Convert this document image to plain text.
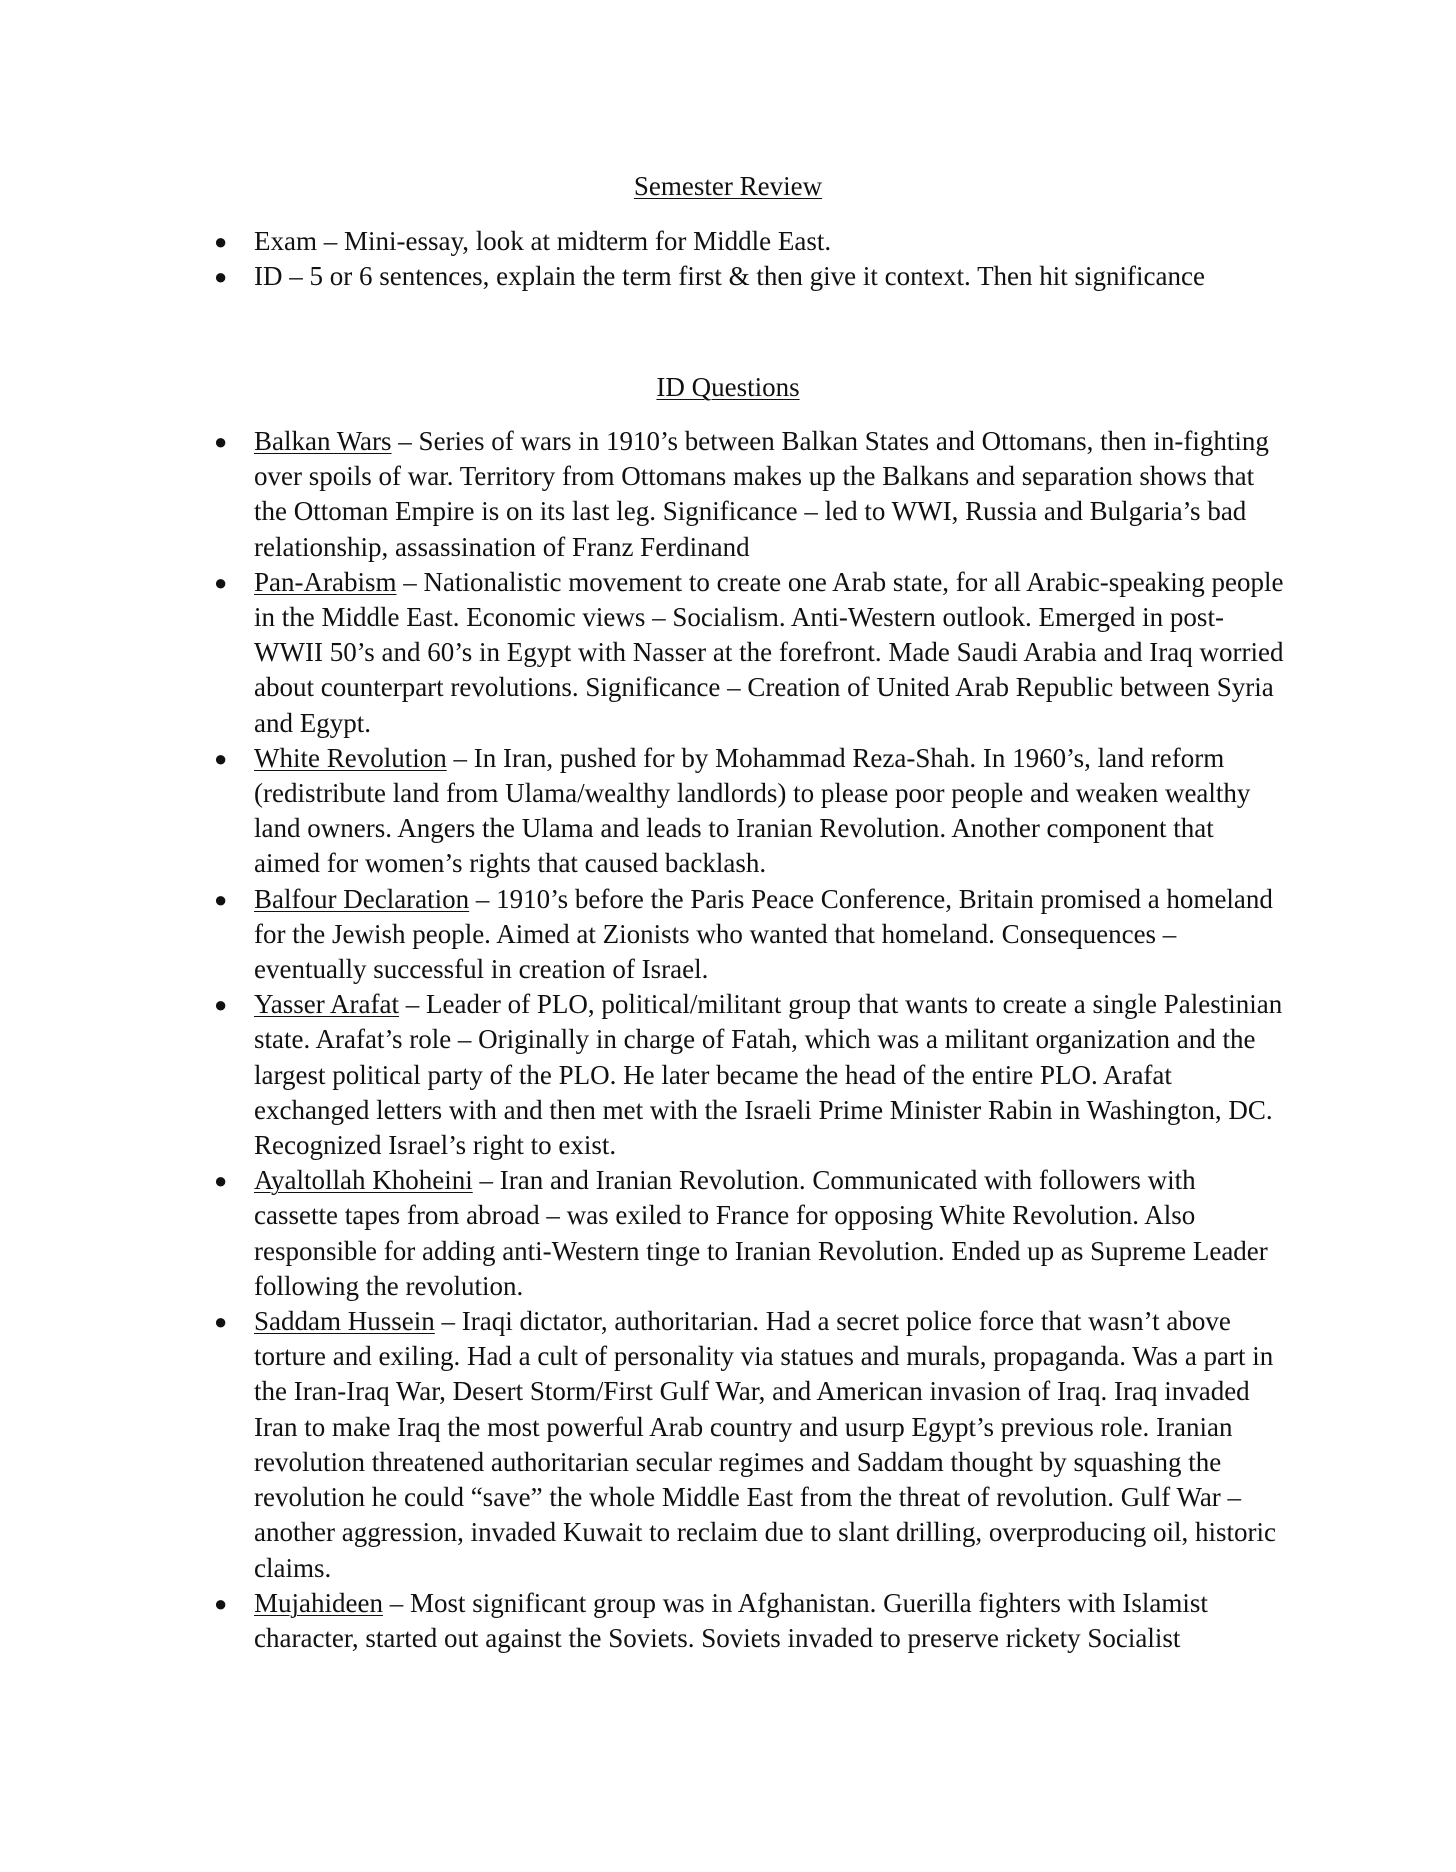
Semester Review
● Exam – Mini-essay, look at midterm for Middle East.
● ID – 5 or 6 sentences, explain the term first & then give it context. Then hit significance
ID Questions
● Balkan Wars – Series of wars in 1910’s between Balkan States and Ottomans, then in-fighting over spoils of war. Territory from Ottomans makes up the Balkans and separation shows that the Ottoman Empire is on its last leg. Significance – led to WWI, Russia and Bulgaria’s bad relationship, assassination of Franz Ferdinand
● Pan-Arabism – Nationalistic movement to create one Arab state, for all Arabic-speaking people in the Middle East. Economic views – Socialism. Anti-Western outlook. Emerged in post-WWII 50’s and 60’s in Egypt with Nasser at the forefront. Made Saudi Arabia and Iraq worried about counterpart revolutions. Significance – Creation of United Arab Republic between Syria and Egypt.
● White Revolution – In Iran, pushed for by Mohammad Reza-Shah. In 1960’s, land reform (redistribute land from Ulama/wealthy landlords) to please poor people and weaken wealthy land owners. Angers the Ulama and leads to Iranian Revolution. Another component that aimed for women’s rights that caused backlash.
● Balfour Declaration – 1910’s before the Paris Peace Conference, Britain promised a homeland for the Jewish people. Aimed at Zionists who wanted that homeland. Consequences – eventually successful in creation of Israel.
● Yasser Arafat – Leader of PLO, political/militant group that wants to create a single Palestinian state. Arafat’s role – Originally in charge of Fatah, which was a militant organization and the largest political party of the PLO. He later became the head of the entire PLO. Arafat exchanged letters with and then met with the Israeli Prime Minister Rabin in Washington, DC. Recognized Israel’s right to exist.
● Ayaltollah Khoheini – Iran and Iranian Revolution. Communicated with followers with cassette tapes from abroad – was exiled to France for opposing White Revolution. Also responsible for adding anti-Western tinge to Iranian Revolution. Ended up as Supreme Leader following the revolution.
● Saddam Hussein – Iraqi dictator, authoritarian. Had a secret police force that wasn’t above torture and exiling. Had a cult of personality via statues and murals, propaganda. Was a part in the Iran-Iraq War, Desert Storm/First Gulf War, and American invasion of Iraq. Iraq invaded Iran to make Iraq the most powerful Arab country and usurp Egypt’s previous role. Iranian revolution threatened authoritarian secular regimes and Saddam thought by squashing the revolution he could “save” the whole Middle East from the threat of revolution. Gulf War – another aggression, invaded Kuwait to reclaim due to slant drilling, overproducing oil, historic claims.
● Mujahideen – Most significant group was in Afghanistan. Guerilla fighters with Islamist character, started out against the Soviets. Soviets invaded to preserve rickety Socialist
